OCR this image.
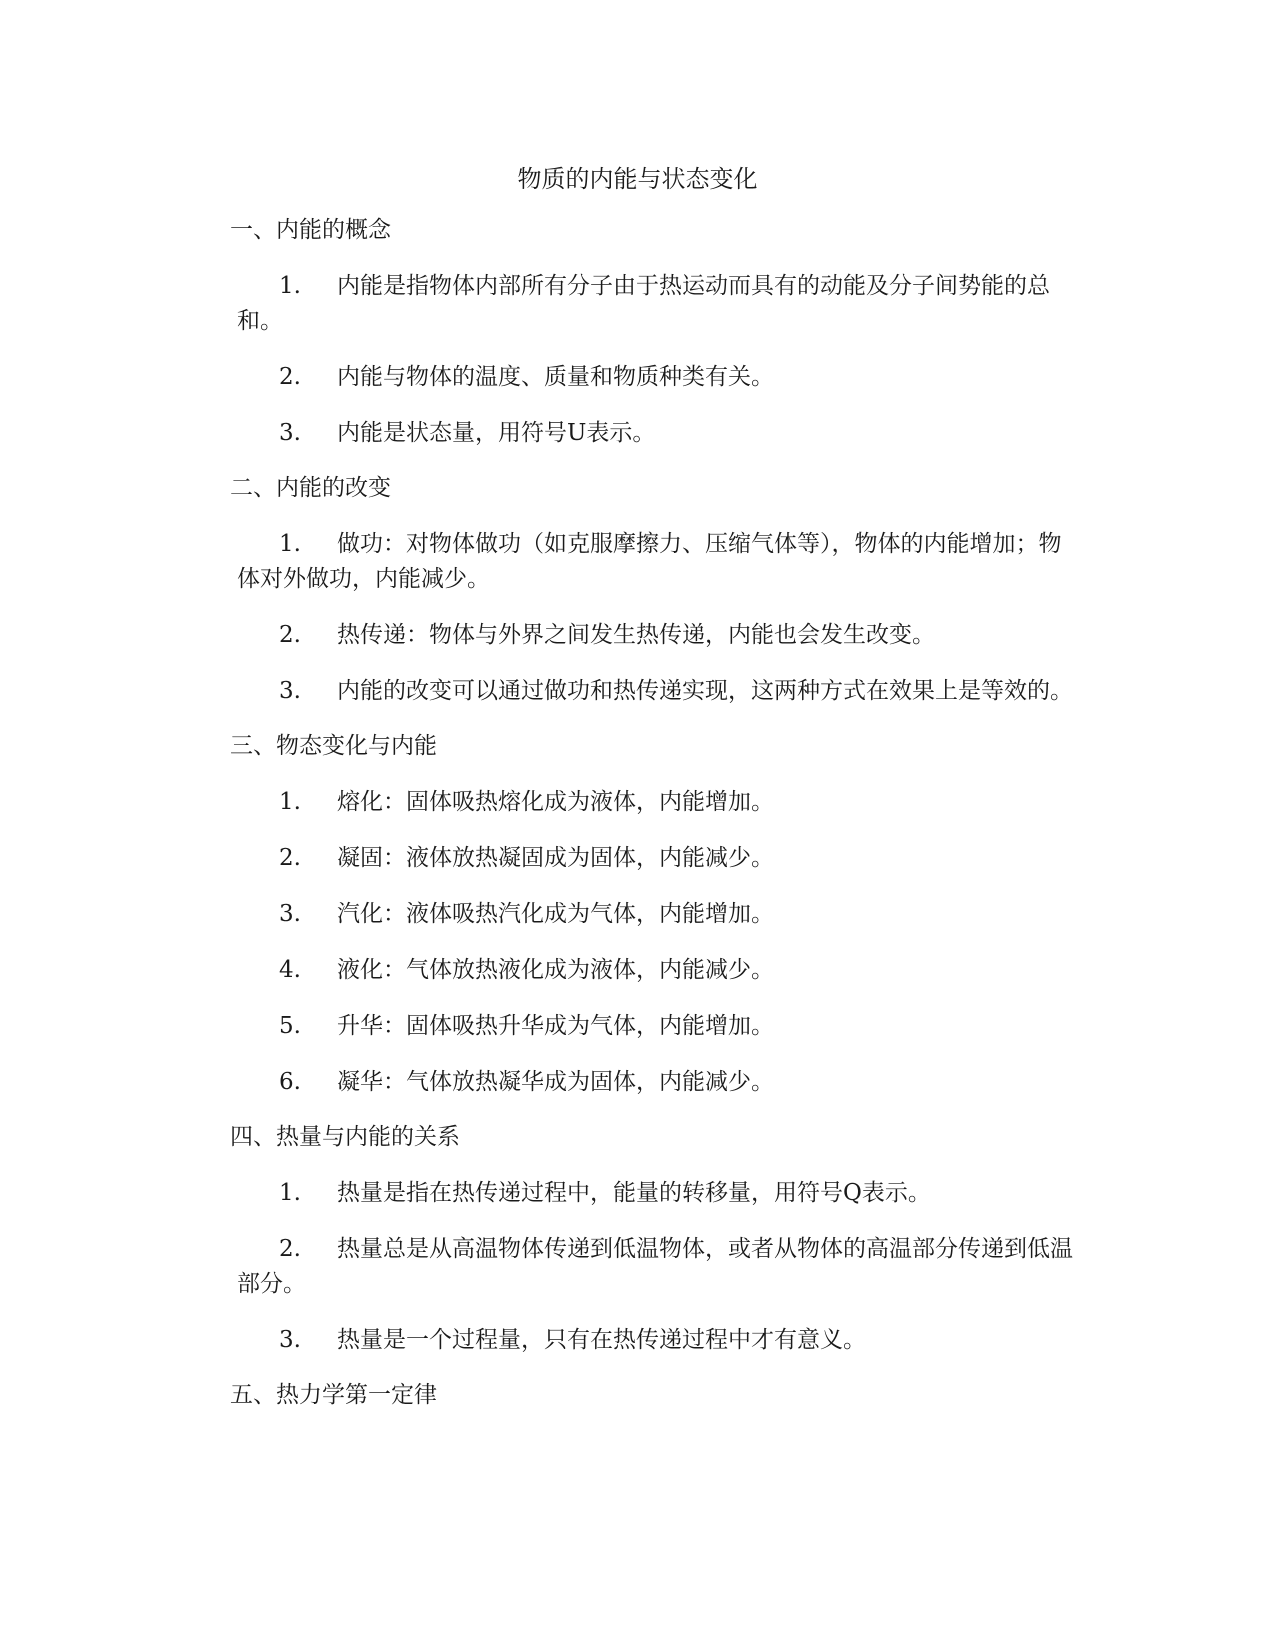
物质的内能与状态变化
一、内能的概念
1.	内能是指物体内部所有分子由于热运动而具有的动能及分子间势能的总和。
2.	内能与物体的温度、质量和物质种类有关。
3.	内能是状态量，用符号U表示。
二、内能的改变
1.	做功：对物体做功（如克服摩擦力、压缩气体等），物体的内能增加；物体对外做功，内能减少。
2.	热传递：物体与外界之间发生热传递，内能也会发生改变。
3.	内能的改变可以通过做功和热传递实现，这两种方式在效果上是等效的。
三、物态变化与内能
1.	熔化：固体吸热熔化成为液体，内能增加。
2.	凝固：液体放热凝固成为固体，内能减少。
3.	汽化：液体吸热汽化成为气体，内能增加。
4.	液化：气体放热液化成为液体，内能减少。
5.	升华：固体吸热升华成为气体，内能增加。
6.	凝华：气体放热凝华成为固体，内能减少。
四、热量与内能的关系
1.	热量是指在热传递过程中，能量的转移量，用符号Q表示。
2.	热量总是从高温物体传递到低温物体，或者从物体的高温部分传递到低温部分。
3.	热量是一个过程量，只有在热传递过程中才有意义。
五、热力学第一定律
